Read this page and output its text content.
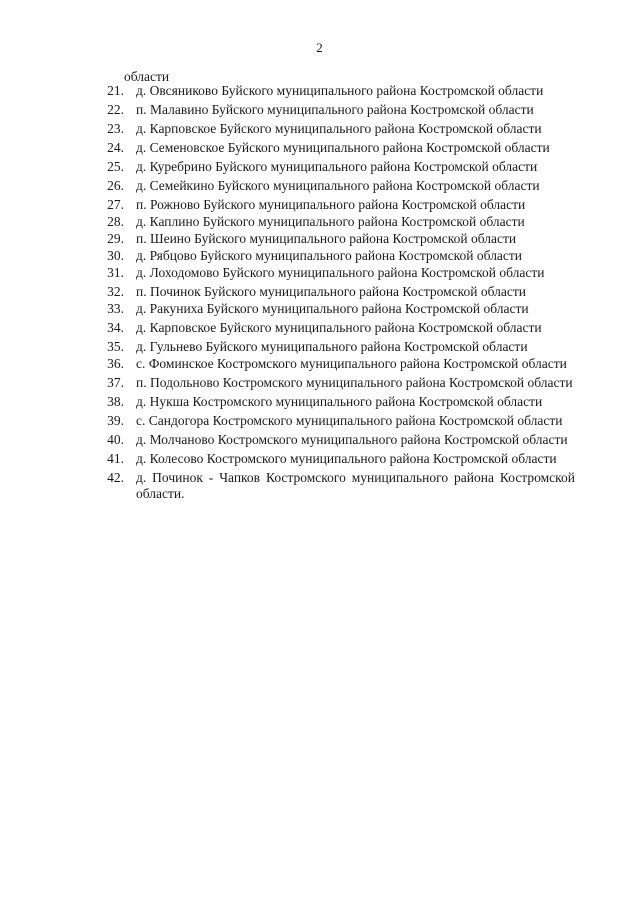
2
области
21. д. Овсяниково Буйского муниципального района Костромской области
22. п. Малавино Буйского муниципального района Костромской области
23. д. Карповское Буйского муниципального района Костромской области
24. д. Семеновское Буйского муниципального района Костромской области
25. д. Куребрино Буйского муниципального района Костромской области
26. д. Семейкино Буйского муниципального района Костромской области
27. п. Рожново Буйского муниципального района Костромской области
28. д. Каплино Буйского муниципального района Костромской области
29. п. Шеино Буйского муниципального района Костромской области
30. д. Рябцово Буйского муниципального района Костромской области
31. д. Лоходомово Буйского муниципального района Костромской области
32. п. Починок Буйского муниципального района Костромской области
33. д. Ракуниха Буйского муниципального района Костромской области
34. д. Карповское Буйского муниципального района Костромской области
35. д. Гульнево Буйского муниципального района Костромской области
36. с. Фоминское Костромского муниципального района Костромской области
37. п. Подольново Костромского муниципального района Костромской области
38. д. Нукша Костромского муниципального района Костромской области
39. с. Сандогора Костромского муниципального района Костромской области
40. д. Молчаново Костромского муниципального района Костромской области
41. д. Колесово Костромского муниципального района Костромской области
42. д. Починок - Чапков Костромского муниципального района Костромской области.
